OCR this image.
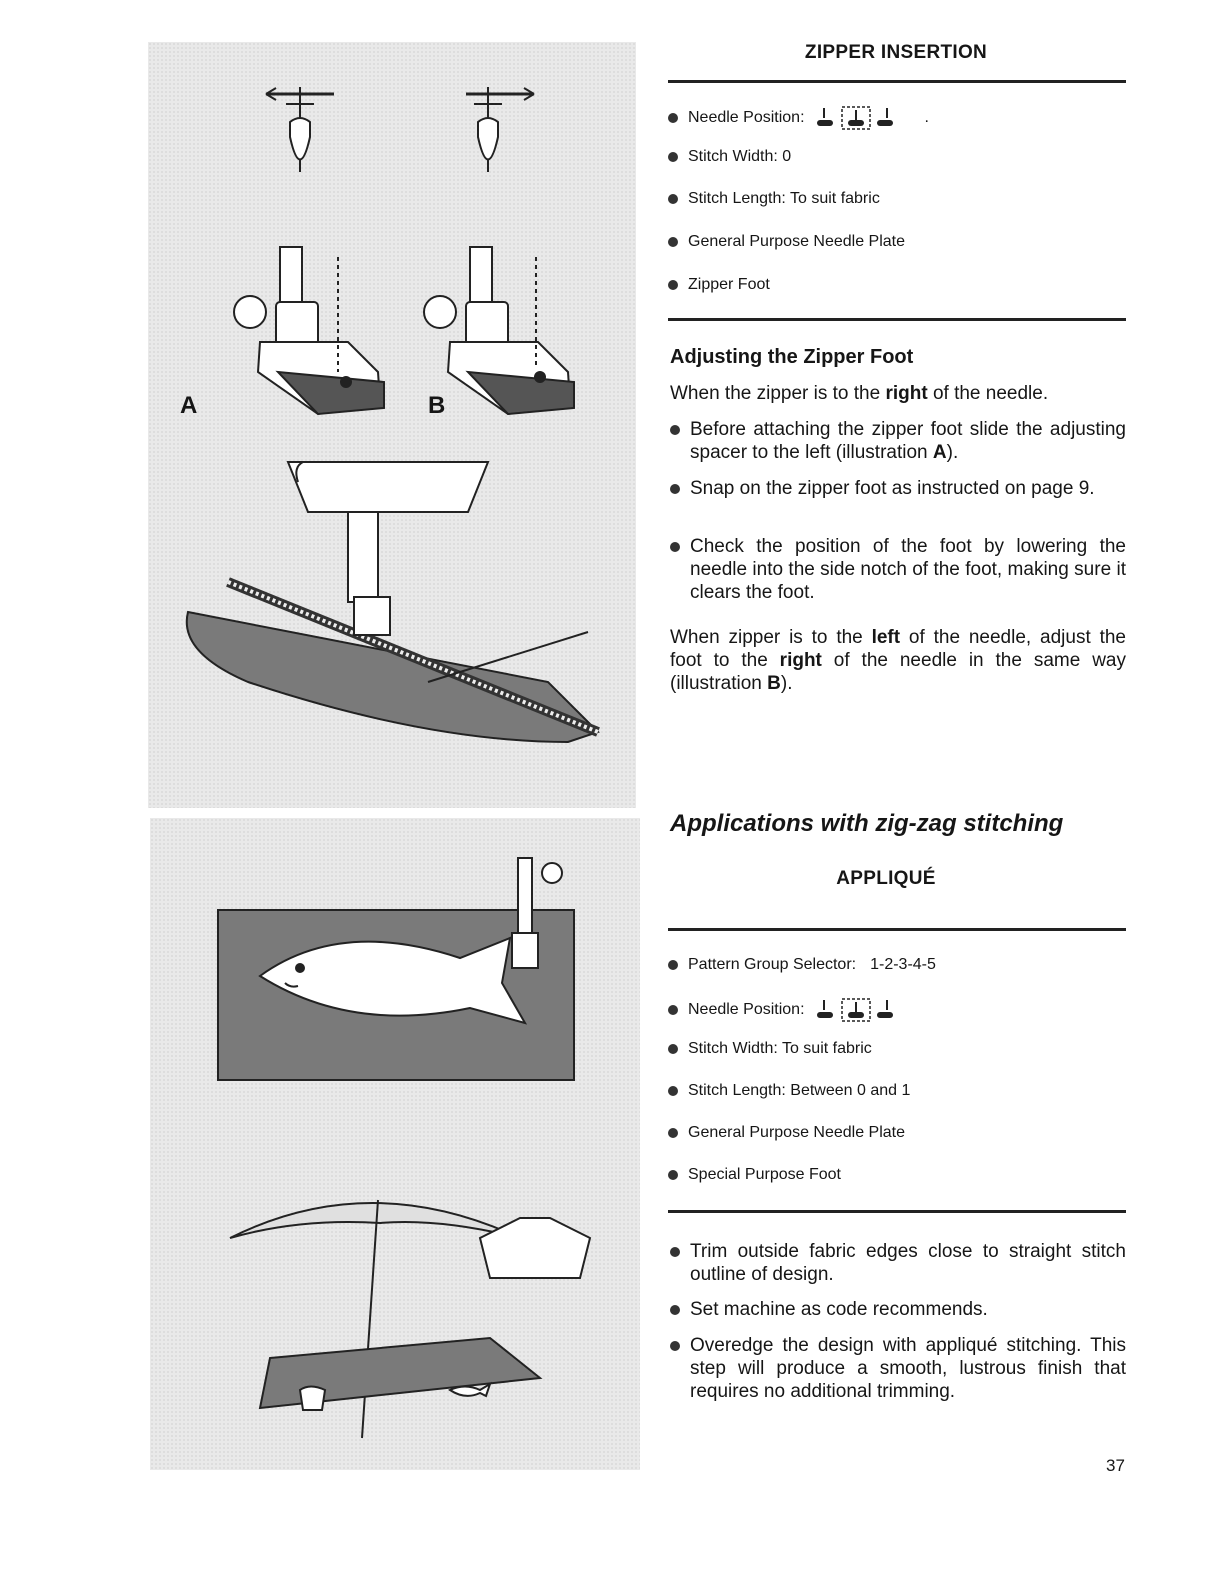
A	B
ZIPPER INSERTION
Needle Position:	.
Stitch Width: 0
Stitch Length: To suit fabric
General Purpose Needle Plate
Zipper Foot
Adjusting the Zipper Foot
When the zipper is to the right of the needle.
Before attaching the zipper foot slide the adjusting spacer to the left (illustration A).
Snap on the zipper foot as instructed on page 9.
Check the position of the foot by lowering the needle into the side notch of the foot, making sure it clears the foot.
When zipper is to the left of the needle, adjust the foot to the right of the needle in the same way (illustration B).
Applications with zig-zag stitching
APPLIQUÉ
Pattern Group Selector: 1-2-3-4-5
Needle Position:
Stitch Width: To suit fabric
Stitch Length: Between 0 and 1
General Purpose Needle Plate
Special Purpose Foot
Trim outside fabric edges close to straight stitch outline of design.
Set machine as code recommends.
Overedge the design with appliqué stitching. This step will produce a smooth, lustrous finish that requires no additional trimming.
37
